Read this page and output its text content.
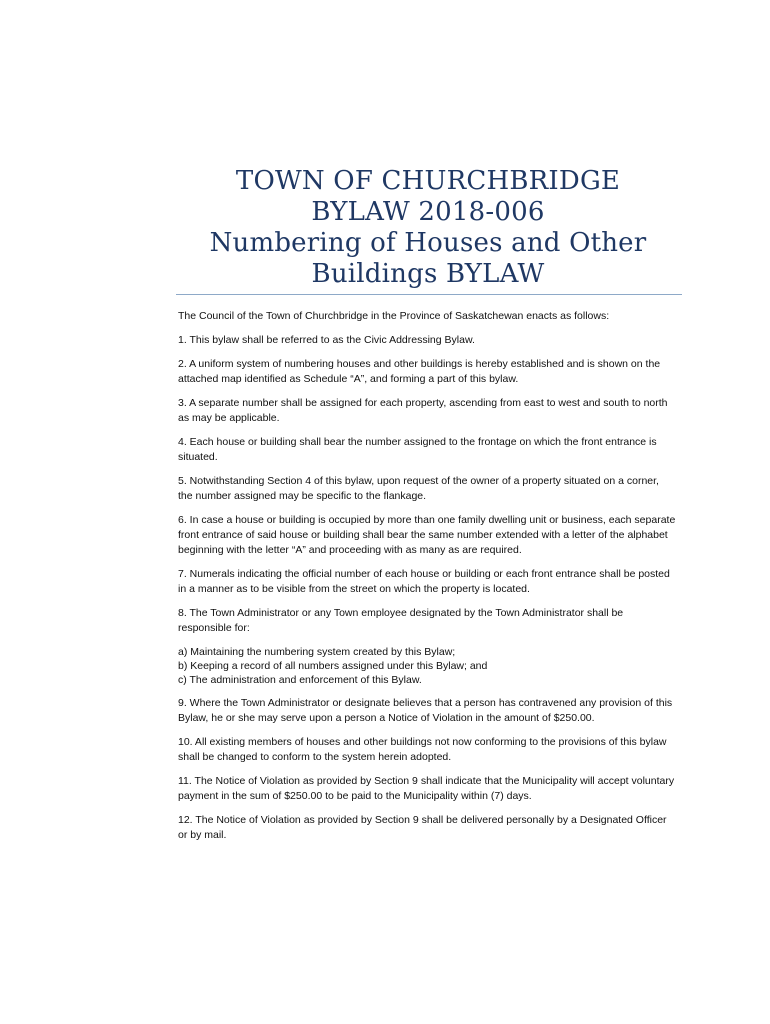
TOWN OF CHURCHBRIDGE
BYLAW 2018-006
Numbering of Houses and Other
Buildings BYLAW

The Council of the Town of Churchbridge in the Province of Saskatchewan enacts as follows:

1. This bylaw shall be referred to as the Civic Addressing Bylaw.

2. A uniform system of numbering houses and other buildings is hereby established and is shown on the attached map identified as Schedule “A”, and forming a part of this bylaw.

3. A separate number shall be assigned for each property, ascending from east to west and south to north as may be applicable.

4. Each house or building shall bear the number assigned to the frontage on which the front entrance is situated.

5. Notwithstanding Section 4 of this bylaw, upon request of the owner of a property situated on a corner, the number assigned may be specific to the flankage.

6. In case a house or building is occupied by more than one family dwelling unit or business, each separate front entrance of said house or building shall bear the same number extended with a letter of the alphabet beginning with the letter “A” and proceeding with as many as are required.

7. Numerals indicating the official number of each house or building or each front entrance shall be posted in a manner as to be visible from the street on which the property is located.

8. The Town Administrator or any Town employee designated by the Town Administrator shall be responsible for:

a) Maintaining the numbering system created by this Bylaw;
b) Keeping a record of all numbers assigned under this Bylaw; and
c) The administration and enforcement of this Bylaw.

9. Where the Town Administrator or designate believes that a person has contravened any provision of this Bylaw, he or she may serve upon a person a Notice of Violation in the amount of $250.00.

10. All existing members of houses and other buildings not now conforming to the provisions of this bylaw shall be changed to conform to the system herein adopted.

11. The Notice of Violation as provided by Section 9 shall indicate that the Municipality will accept voluntary payment in the sum of $250.00 to be paid to the Municipality within (7) days.

12. The Notice of Violation as provided by Section 9 shall be delivered personally by a Designated Officer or by mail.
